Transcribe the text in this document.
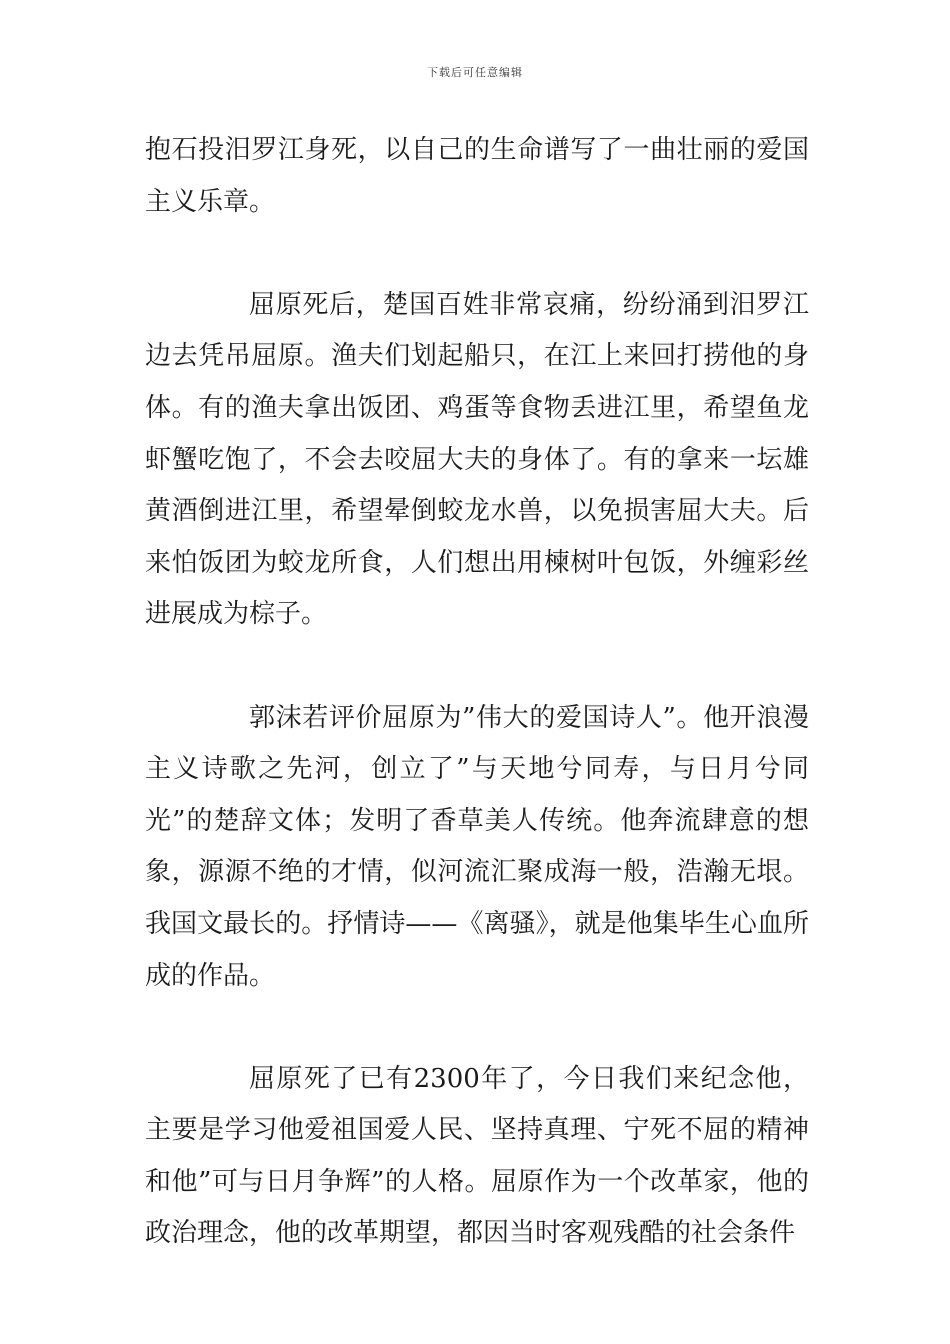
下载后可任意编辑

抱石投汨罗江身死，以自己的生命谱写了一曲壮丽的爱国主义乐章。

屈原死后，楚国百姓非常哀痛，纷纷涌到汨罗江边去凭吊屈原。渔夫们划起船只，在江上来回打捞他的身体。有的渔夫拿出饭团、鸡蛋等食物丢进江里，希望鱼龙虾蟹吃饱了，不会去咬屈大夫的身体了。有的拿来一坛雄黄酒倒进江里，希望晕倒蛟龙水兽，以免损害屈大夫。后来怕饭团为蛟龙所食，人们想出用楝树叶包饭，外缠彩丝进展成为棕子。

郭沫若评价屈原为”伟大的爱国诗人”。他开浪漫主义诗歌之先河，创立了”与天地兮同寿，与日月兮同光”的楚辞文体；发明了香草美人传统。他奔流肆意的想象，源源不绝的才情，似河流汇聚成海一般，浩瀚无垠。我国文最长的。抒情诗——《离骚》，就是他集毕生心血所成的作品。

屈原死了已有2300年了，今日我们来纪念他，主要是学习他爱祖国爱人民、坚持真理、宁死不屈的精神和他”可与日月争辉”的人格。屈原作为一个改革家，他的政治理念，他的改革期望，都因当时客观残酷的社会条件
